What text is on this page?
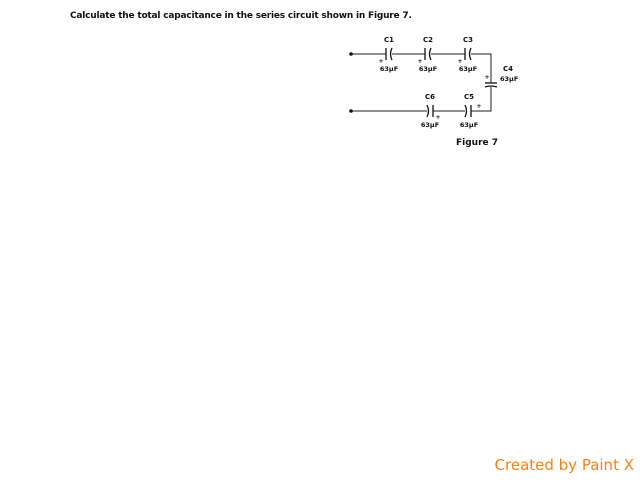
Calculate the total capacitance in the series circuit shown in Figure 7.
C1
+
63μF
C2
+
63μF
C3
+
63μF	C4
+ 63μF
C5
+
63μF
C6
+
63μF
Figure 7
Created by Paint X
